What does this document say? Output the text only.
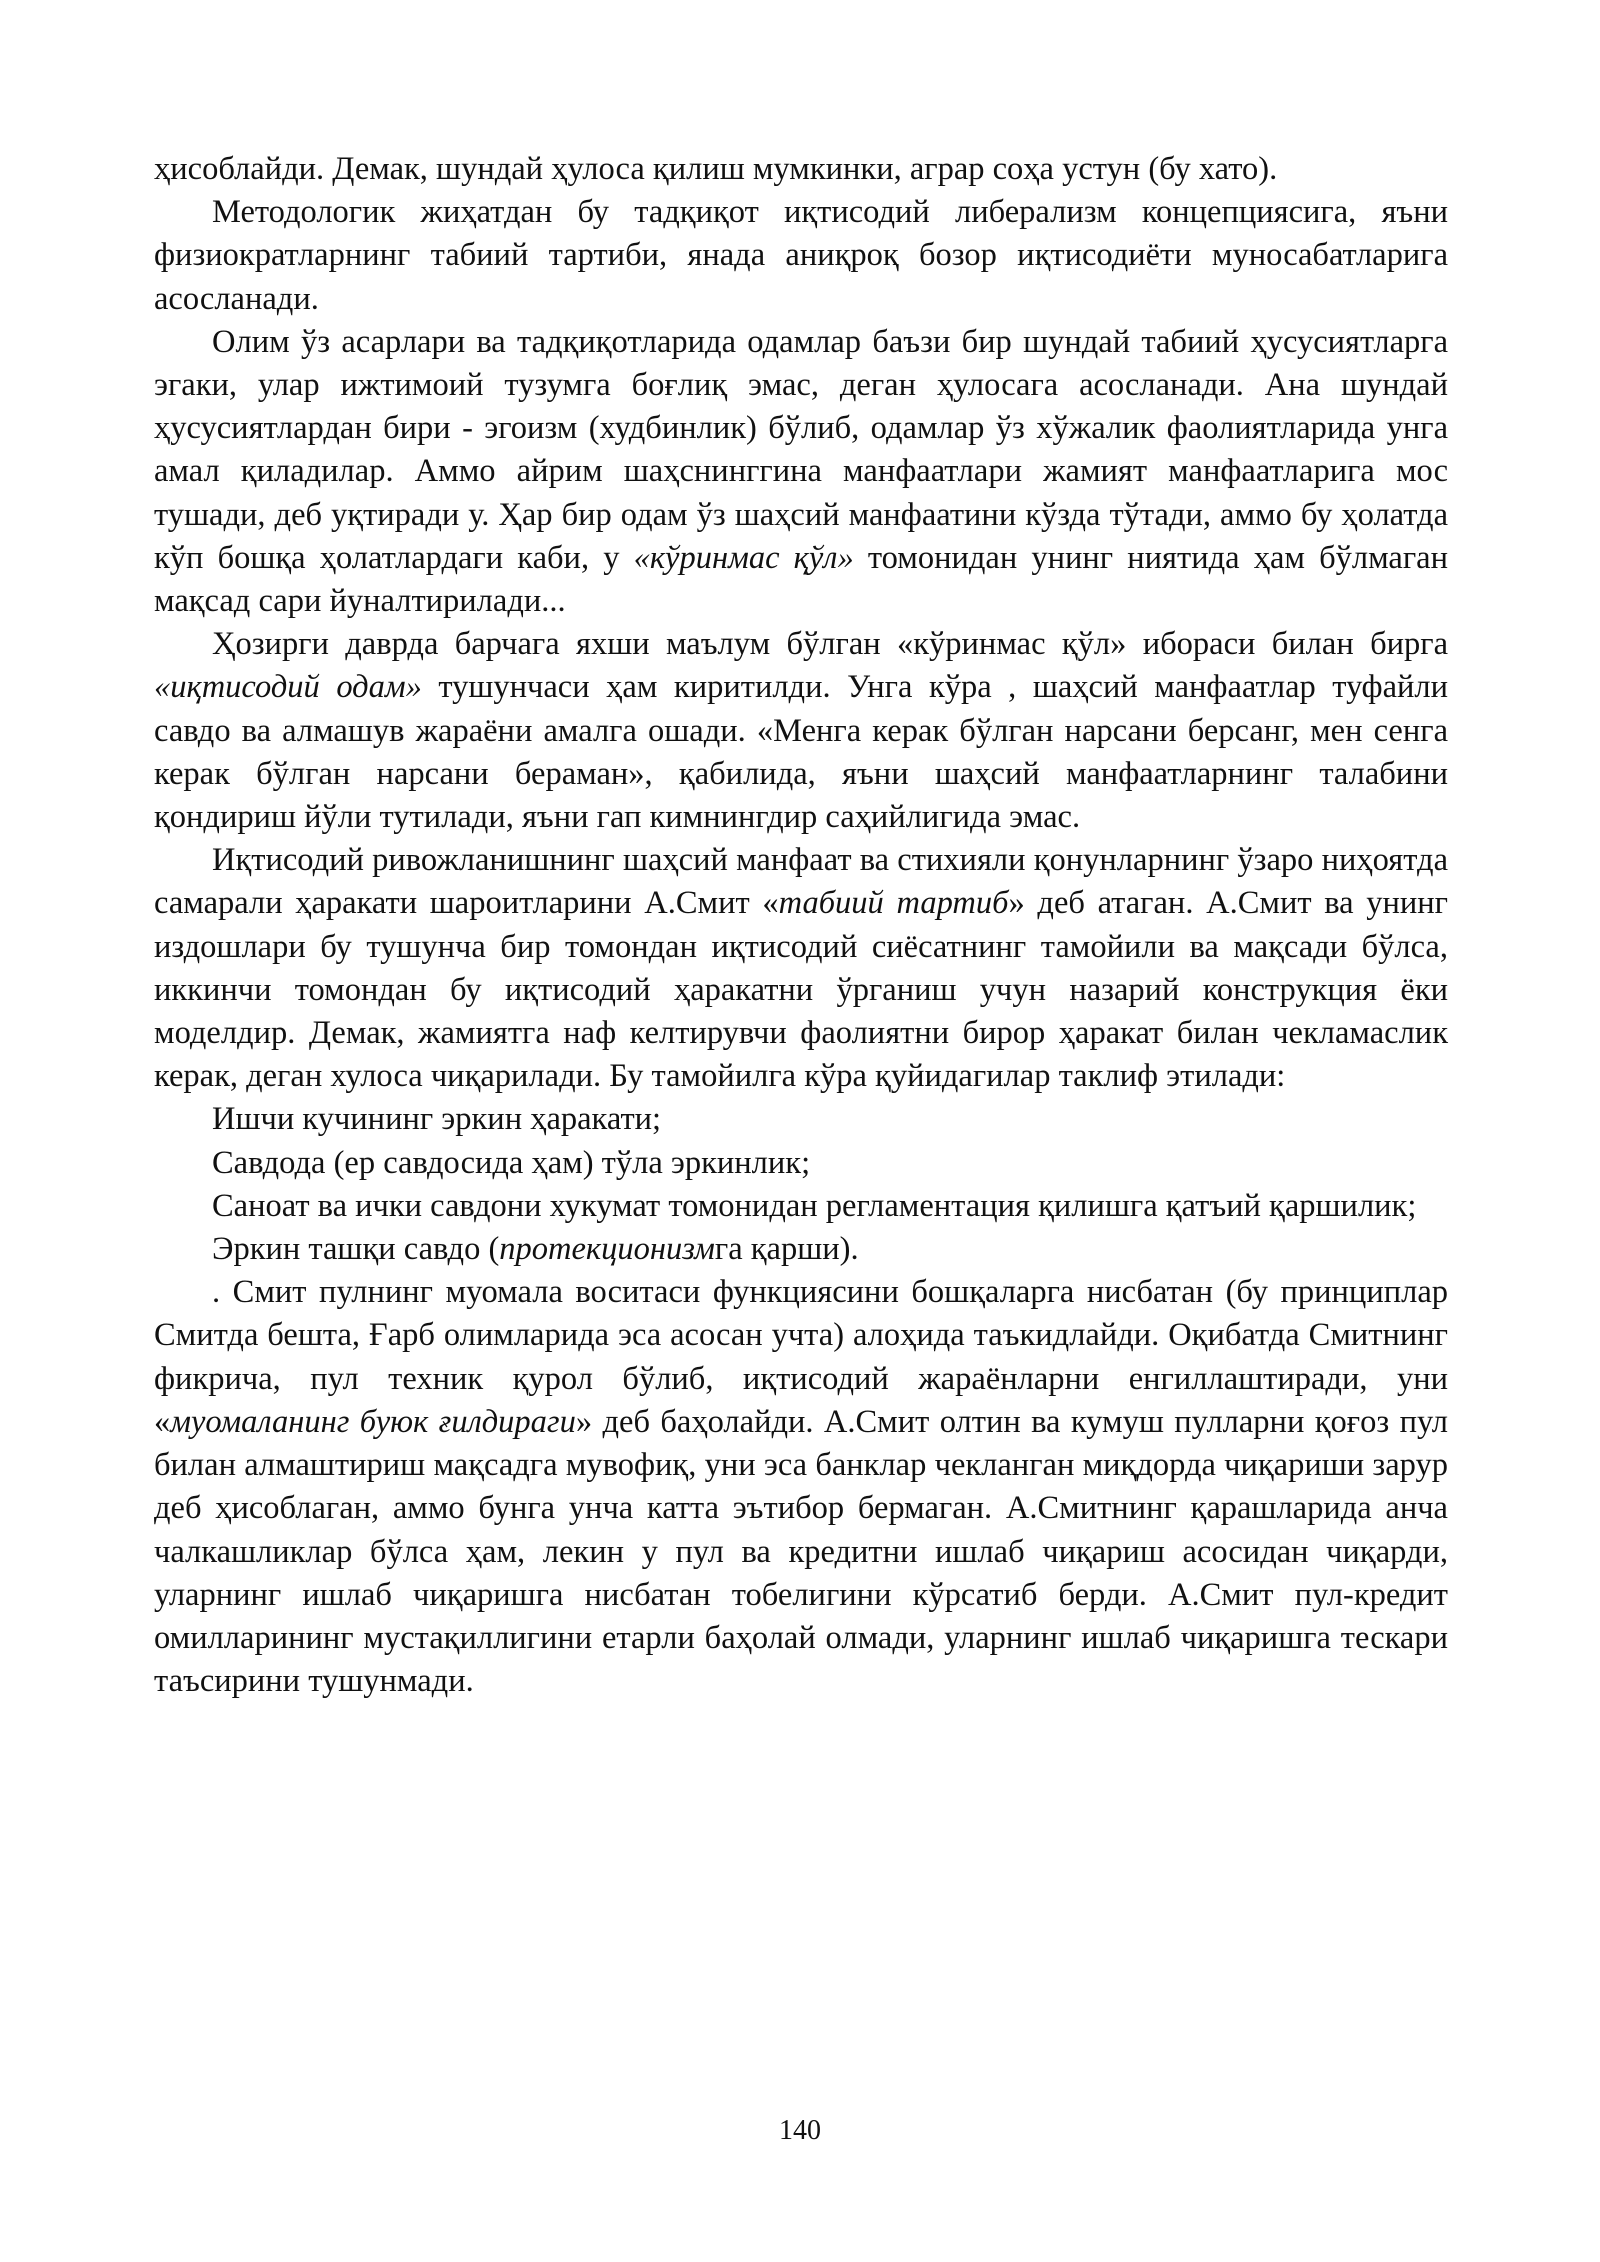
ҳисоблайди. Демак, шундай ҳулоса қилиш мумкинки, аграр соҳа устун (бу хато).

Методологик жиҳатдан бу тадқиқот иқтисодий либерализм концепциясига, яъни физиократларнинг табиий тартиби, янада аниқроқ бозор иқтисодиёти муносабатларига асосланади.

Олим ўз асарлари ва тадқиқотларида одамлар баъзи бир шундай табиий ҳусусиятларга эгаки, улар ижтимоий тузумга боғлиқ эмас, деган ҳулосага асосланади. Ана шундай ҳусусиятлардан бири - эгоизм (худбинлик) бўлиб, одамлар ўз хўжалик фаолиятларида унга амал қиладилар. Аммо айрим шаҳснинггина манфаатлари жамият манфаатларига мос тушади, деб уқтиради у. Ҳар бир одам ўз шаҳсий манфаатини кўзда тўтади, аммо бу ҳолатда кўп бошқа ҳолатлардаги каби, у «кўринмас қўл» томонидан унинг ниятида ҳам бўлмаган мақсад сари йуналтирилади...

Ҳозирги даврда барчага яхши маълум бўлган «кўринмас қўл» ибораси билан бирга «иқтисодий одам» тушунчаси ҳам киритилди. Унга кўра , шаҳсий манфаатлар туфайли савдо ва алмашув жараёни амалга ошади. «Менга керак бўлган нарсани берсанг, мен сенга керак бўлган нарсани бераман», қабилида, яъни шаҳсий манфаатларнинг талабини қондириш йўли тутилади, яъни гап кимнингдир саҳийлигида эмас.

Иқтисодий ривожланишнинг шаҳсий манфаат ва стихияли қонунларнинг ўзаро ниҳоятда самарали ҳаракати шароитларини А.Смит «табиий тартиб» деб атаган. А.Смит ва унинг издошлари бу тушунча бир томондан иқтисодий сиёсатнинг тамойили ва мақсади бўлса, иккинчи томондан бу иқтисодий ҳаракатни ўрганиш учун назарий конструкция ёки моделдир. Демак, жамиятга наф келтирувчи фаолиятни бирор ҳаракат билан чекламаслик керак, деган хулоса чиқарилади. Бу тамойилга кўра қуйидагилар таклиф этилади:

Ишчи кучининг эркин ҳаракати;

Савдода (ер савдосида ҳам) тўла эркинлик;

Саноат ва ички савдони хукумат томонидан регламентация қилишга қатъий қаршилик;

Эркин ташқи савдо (протекционизмга қарши).

. Смит пулнинг муомала воситаси функциясини бошқаларга нисбатан (бу принциплар Смитда бешта, Ғарб олимларида эса асосан учта) алоҳида таъкидлайди. Оқибатда Смитнинг фикрича, пул техник қурол бўлиб, иқтисодий жараёнларни енгиллаштиради, уни «муомаланинг буюк ғилдираги» деб баҳолайди. А.Смит олтин ва кумуш пулларни қоғоз пул билан алмаштириш мақсадга мувофиқ, уни эса банклар чекланган миқдорда чиқариши зарур деб ҳисоблаган, аммо бунга унча катта эътибор бермаган. А.Смитнинг қарашларида анча чалкашликлар бўлса ҳам, лекин у пул ва кредитни ишлаб чиқариш асосидан чиқарди, уларнинг ишлаб чиқаришга нисбатан тобелигини кўрсатиб берди. А.Смит пул-кредит омилларининг мустақиллигини етарли баҳолай олмади, уларнинг ишлаб чиқаришга тескари таъсирини тушунмади.

140
